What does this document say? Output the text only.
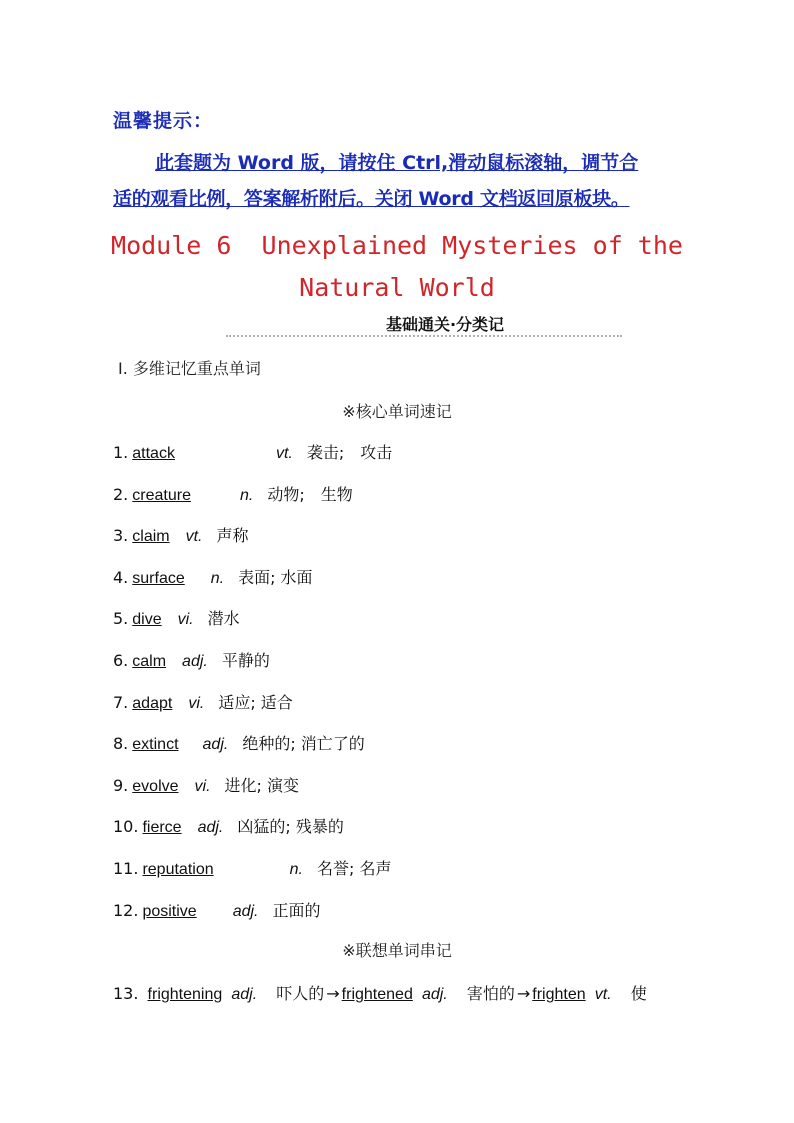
温馨提示：
此套题为 Word 版，请按住 Ctrl,滑动鼠标滚轴，调节合
适的观看比例，答案解析附后。关闭 Word 文档返回原板块。
Module 6  Unexplained Mysteries of the
Natural World
基础通关·分类记
Ⅰ. 多维记忆重点单词
※核心单词速记
1. attack	vt. 袭击;　攻击
2. creature	n. 动物;　生物
3. claim vt. 声称
4. surface n. 表面; 水面
5. dive vi. 潜水
6. calm adj. 平静的
7. adapt vi. 适应; 适合
8. extinct adj. 绝种的; 消亡了的
9. evolve vi. 进化; 演变
10. fierce adj. 凶猛的; 残暴的
11. reputation	n. 名誉; 名声
12. positive adj. 正面的
※联想单词串记
13. frightening adj. 吓人的 → frightened adj. 害怕的 → frighten vt. 使
